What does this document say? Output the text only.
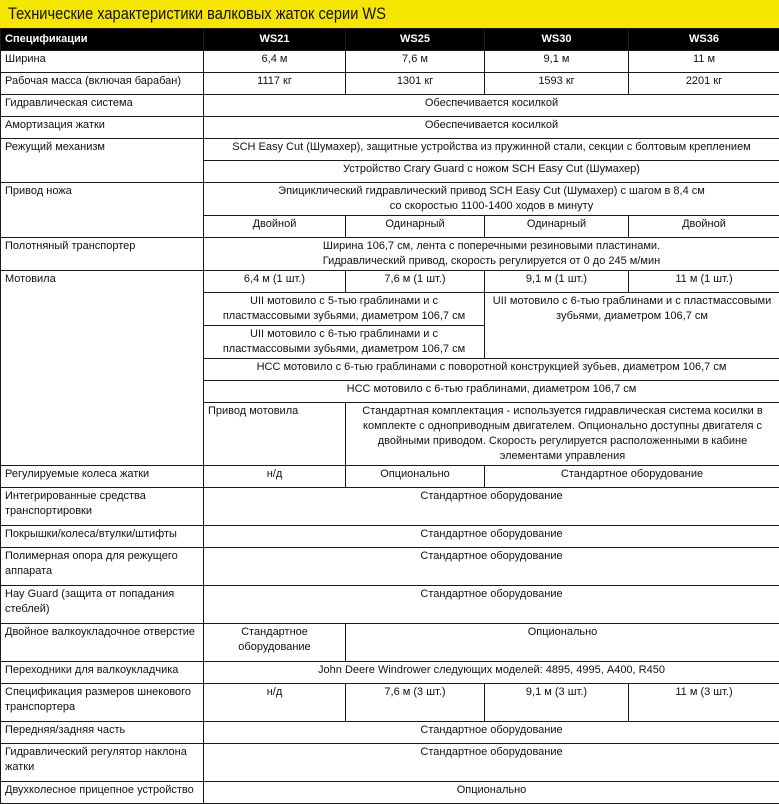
Технические характеристики валковых жаток серии WS
Спецификации	WS21	WS25	WS30	WS36
Ширина	6,4 м	7,6 м	9,1 м	11 м
Рабочая масса (включая барабан)	1117 кг	1301 кг	1593 кг	2201 кг
Гидравлическая система	Обеспечивается косилкой			
Амортизация жатки	Обеспечивается косилкой			
Режущий механизм	SCH Easy Cut (Шумахер), защитные устройства из пружинной стали, секции с болтовым креплением			
	Устройство Crary Guard с ножом SCH Easy Cut (Шумахер)			
Привод ножа	Эпициклический гидравлический привод SCH Easy Cut (Шумахер) с шагом в 8,4 см
со скоростью 1100-1400 ходов в минуту			

	Двойной	Одинарный	Одинарный	Двойной
Полотняный транспортер	Ширина 106,7 см, лента с поперечными резиновыми пластинами.
Гидравлический привод, скорость регулируется от 0 до 245 м/мин			

Мотовила	6,4 м (1 шт.)	7,6 м (1 шт.)	9,1 м (1 шт.)	11 м (1 шт.)
	UII мотовило с 5-тью граблинами и с пластмассовыми зубьями, диаметром 106,7 см		UII мотовило с 6-тью граблинами и с пластмассовыми зубьями, диаметром 106,7 см	
	UII мотовило с 6-тью граблинами и с пластмассовыми зубьями, диаметром 106,7 см			
	HCC мотовило с 6-тью граблинами с поворотной конструкцией зубьев, диаметром 106,7 см			
	HCC мотовило с 6-тью граблинами, диаметром 106,7 см			
	Привод мотовила	Стандартная комплектация - используется гидравлическая система косилки в комплекте с одноприводным двигателем. Опционально доступны двигателя с двойными приводом. Скорость регулируется расположенными в кабине элементами управления		
Регулируемые колеса жатки	н/д	Опционально	Стандартное оборудование	
Интегрированные средства транспортировки	Стандартное оборудование			
Покрышки/колеса/втулки/штифты	Стандартное оборудование			
Полимерная опора для режущего аппарата	Стандартное оборудование			
Hay Guard (защита от попадания стеблей)	Стандартное оборудование			
Двойное валкоукладочное отверстие	Стандартное оборудование	Опционально		
Переходники для валкоукладчика	John Deere Windrower следующих моделей: 4895, 4995, A400, R450			
Спецификация размеров шнекового транспортера	н/д	7,6 м (3 шт.)	9,1 м (3 шт.)	11 м (3 шт.)
Передняя/задняя часть	Стандартное оборудование			
Гидравлический регулятор наклона жатки	Стандартное оборудование			
Двухколесное прицепное устройство	Опционально			
